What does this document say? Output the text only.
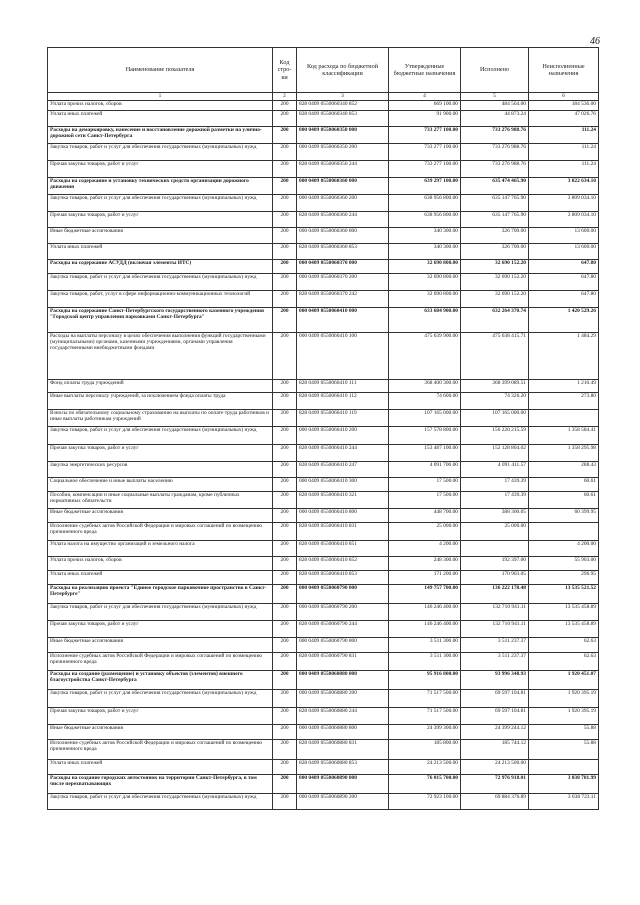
46
Наименование показателя	Код стро-ки	Код расхода по бюджетной классификации	Утвержденные бюджетные назначения	Исполнено	Неисполненные назначения
1	2	3	4	5	6
Уплата прочих налогов, сборов	200	828 0409 0550060340 852	669 100.00	484 564.00	184 536.00
Уплата иных платежей	200	828 0409 0550060340 853	91 900.00	44 873.24	47 026.76
Расходы на демаркировку, нанесение и восстановление дорожной разметки на улично-дорожной сети Санкт-Петербурга	200	000 0409 0550060350 000	733 277 100.00	733 276 988.76	111.24
Закупка товаров, работ и услуг для обеспечения государственных (муниципальных) нужд	200	000 0409 0550060350 200	733 277 100.00	733 276 988.76	111.24
Прочая закупка товаров, работ и услуг	200	828 0409 0550060350 244	733 277 100.00	733 276 988.76	111.24
Расходы на содержание и установку технических средств организации дорожного движения	200	000 0409 0550060360 000	639 297 100.00	635 474 465.90	3 822 634.10
Закупка товаров, работ и услуг для обеспечения государственных (муниципальных) нужд	200	000 0409 0550060360 200	638 956 800.00	635 147 765.90	3 809 034.10
Прочая закупка товаров, работ и услуг	200	828 0409 0550060360 244	638 956 800.00	635 147 765.90	3 809 034.10
Иные бюджетные ассигнования	200	000 0409 0550060360 800	340 300.00	326 700.00	13 600.00
Уплата иных платежей	200	828 0409 0550060360 853	340 300.00	326 700.00	13 600.00
Расходы на содержание АСУДД (включая элементы ИТС)	200	000 0409 0550060370 000	32 690 800.00	32 690 152.20	647.80
Закупка товаров, работ и услуг для обеспечения государственных (муниципальных) нужд	200	000 0409 0550060370 200	32 690 800.00	32 690 152.20	647.80
Закупка товаров, работ, услуг в сфере информационно-коммуникационных технологий	200	828 0409 0550060370 242	32 690 800.00	32 690 152.20	647.80
Расходы на содержание Санкт-Петербургского государственного казенного учреждения "Городской центр управления парковками Санкт-Петербурга"	200	000 0409 0550060410 000	633 684 900.00	632 264 370.74	1 420 529.26
Расходы на выплаты персоналу в целях обеспечения выполнения функций государственными (муниципальными) органами, казенными учреждениями, органами управления государственными внебюджетными фондами	200	000 0409 0550060410 100	475 639 900.00	475 638 415.71	1 484.29
Фонд оплаты труда учреждений	200	828 0409 0550060410 111	368 400 300.00	368 399 089.51	1 210.49
Иные выплаты персоналу учреждений, за исключением фонда оплаты труда	200	828 0409 0550060410 112	74 600.00	74 326.20	273.80
Взносы по обязательному социальному страхованию на выплаты по оплате труда работников и иные выплаты работникам учреждений	200	828 0409 0550060410 119	107 165 000.00	107 165 000.00	
Закупка товаров, работ и услуг для обеспечения государственных (муниципальных) нужд	200	000 0409 0550060410 200	157 578 800.00	156 220 215.59	1 358 584.41
Прочая закупка товаров, работ и услуг	200	828 0409 0550060410 244	153 487 100.00	152 128 804.02	1 358 295.98
Закупка энергетических ресурсов	200	828 0409 0550060410 247	4 091 700.00	4 091 411.57	288.43
Социальное обеспечение и иные выплаты населению	200	000 0409 0550060410 300	17 500.00	17 439.39	60.61
Пособия, компенсации и иные социальные выплаты гражданам, кроме публичных нормативных обязательств	200	828 0409 0550060410 321	17 500.00	17 439.39	60.61
Иные бюджетные ассигнования	200	000 0409 0550060410 800	448 700.00	388 300.05	60 399.95
Исполнение судебных актов Российской Федерации и мировых соглашений по возмещению причиненного вреда	200	828 0409 0550060410 831	25 000.00	25 000.00	
Уплата налога на имущество организаций и земельного налога	200	828 0409 0550060410 851	4 200.00		4 200.00
Уплата прочих налогов, сборов	200	828 0409 0550060410 852	248 300.00	192 397.00	55 903.00
Уплата иных платежей	200	828 0409 0550060410 853	171 200.00	170 903.05	296.95
Расходы на реализацию проекта "Единое городское парковочное пространство в Санкт-Петербурге"	200	000 0409 0550060790 000	149 757 700.00	136 222 178.48	13 535 521.52
Закупка товаров, работ и услуг для обеспечения государственных (муниципальных) нужд	200	000 0409 0550060790 200	146 246 400.00	132 710 941.11	13 535 458.89
Прочая закупка товаров, работ и услуг	200	828 0409 0550060790 244	146 246 400.00	132 710 941.11	13 535 458.89
Иные бюджетные ассигнования	200	000 0409 0550060790 800	3 511 300.00	3 511 237.37	62.63
Исполнение судебных актов Российской Федерации и мировых соглашений по возмещению причиненного вреда	200	828 0409 0550060790 831	3 511 300.00	3 511 237.37	62.63
Расходы на создание (размещение) и установку объектов (элементов) внешнего благоустройства Санкт-Петербурга	200	000 0409 0550060880 000	95 916 800.00	93 996 348.93	1 920 451.07
Закупка товаров, работ и услуг для обеспечения государственных (муниципальных) нужд	200	000 0409 0550060880 200	71 517 500.00	69 597 104.81	1 920 395.19
Прочая закупка товаров, работ и услуг	200	828 0409 0550060880 244	71 517 500.00	69 597 104.81	1 920 395.19
Иные бюджетные ассигнования	200	000 0409 0550060880 800	24 399 300.00	24 399 244.12	55.88
Исполнение судебных актов Российской Федерации и мировых соглашений по возмещению причиненного вреда	200	828 0409 0550060880 831	185 800.00	185 744.12	55.88
Уплата иных платежей	200	828 0409 0550060880 853	24 213 500.00	24 213 500.00	
Расходы на создание городских автостоянок на территории Санкт-Петербурга, в том числе перехватывающих	200	000 0409 0550060890 000	76 015 700.00	72 976 918.01	3 038 781.99
Закупка товаров, работ и услуг для обеспечения государственных (муниципальных) нужд	200	000 0409 0550060890 200	72 923 100.00	69 884 376.89	3 038 723.11
